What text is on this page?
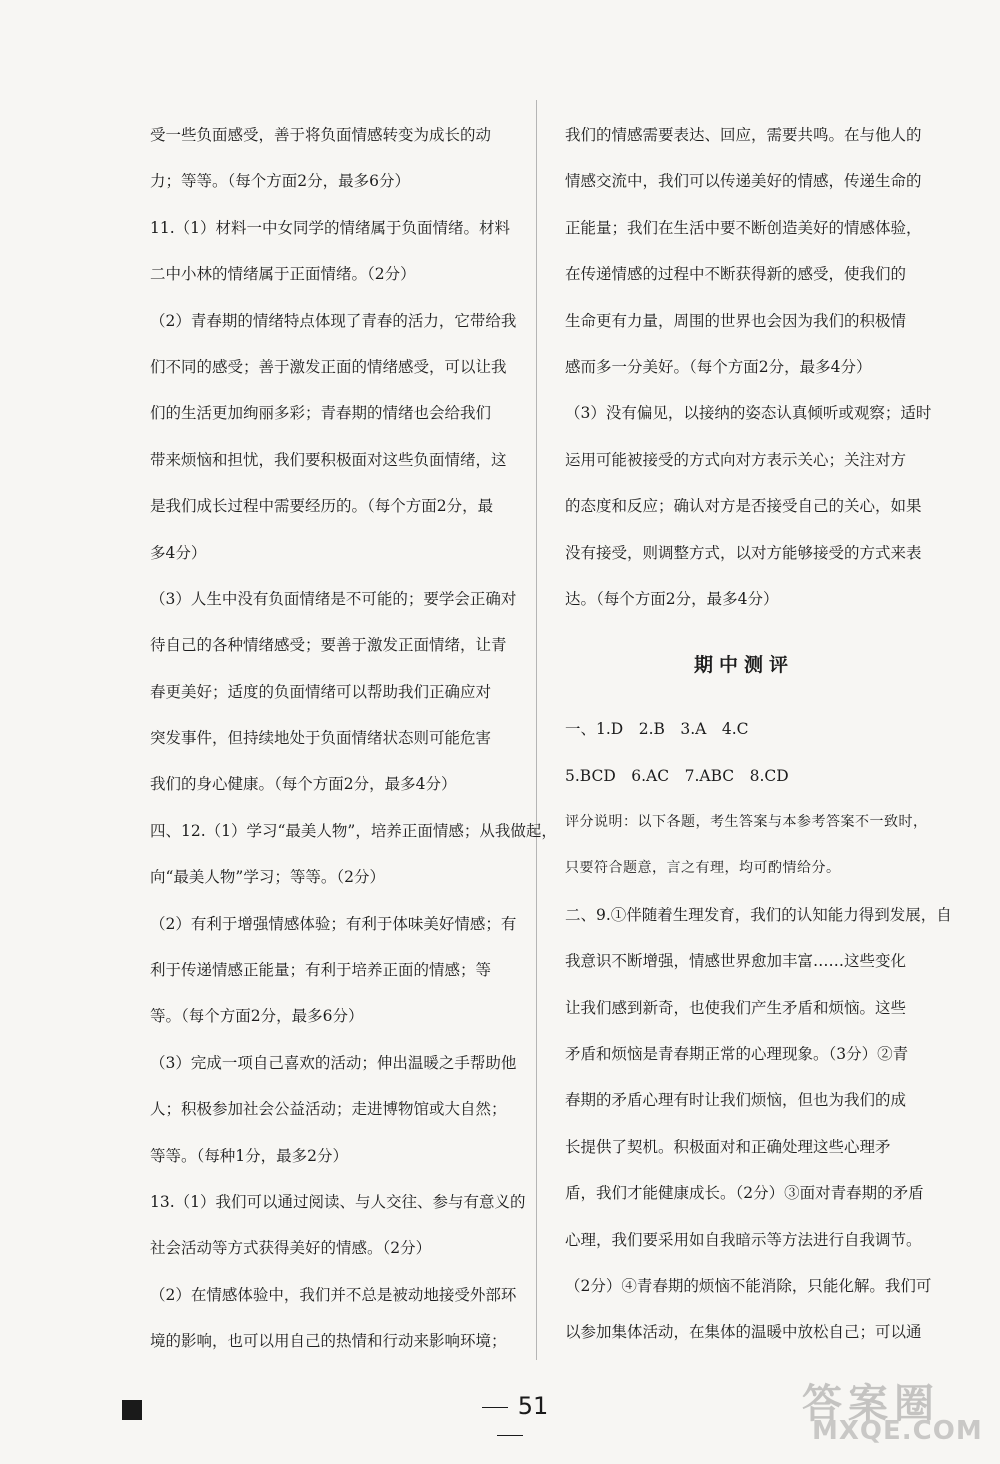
受一些负面感受，善于将负面情感转变为成长的动
力；等等。（每个方面2分，最多6分）
11.（1）材料一中女同学的情绪属于负面情绪。材料
二中小林的情绪属于正面情绪。（2分）
（2）青春期的情绪特点体现了青春的活力，它带给我
们不同的感受；善于激发正面的情绪感受，可以让我
们的生活更加绚丽多彩；青春期的情绪也会给我们
带来烦恼和担忧，我们要积极面对这些负面情绪，这
是我们成长过程中需要经历的。（每个方面2分，最
多4分）
（3）人生中没有负面情绪是不可能的；要学会正确对
待自己的各种情绪感受；要善于激发正面情绪，让青
春更美好；适度的负面情绪可以帮助我们正确应对
突发事件，但持续地处于负面情绪状态则可能危害
我们的身心健康。（每个方面2分，最多4分）
四、12.（1）学习“最美人物”，培养正面情感；从我做起，
向“最美人物”学习；等等。（2分）
（2）有利于增强情感体验；有利于体味美好情感；有
利于传递情感正能量；有利于培养正面的情感；等
等。（每个方面2分，最多6分）
（3）完成一项自己喜欢的活动；伸出温暖之手帮助他
人；积极参加社会公益活动；走进博物馆或大自然；
等等。（每种1分，最多2分）
13.（1）我们可以通过阅读、与人交往、参与有意义的
社会活动等方式获得美好的情感。（2分）
（2）在情感体验中，我们并不总是被动地接受外部环
境的影响，也可以用自己的热情和行动来影响环境；
我们的情感需要表达、回应，需要共鸣。在与他人的
情感交流中，我们可以传递美好的情感，传递生命的
正能量；我们在生活中要不断创造美好的情感体验，
在传递情感的过程中不断获得新的感受，使我们的
生命更有力量，周围的世界也会因为我们的积极情
感而多一分美好。（每个方面2分，最多4分）
（3）没有偏见，以接纳的姿态认真倾听或观察；适时
运用可能被接受的方式向对方表示关心；关注对方
的态度和反应；确认对方是否接受自己的关心，如果
没有接受，则调整方式，以对方能够接受的方式来表
达。（每个方面2分，最多4分）
期中测评
一、1.D　2.B　3.A　4.C
5.BCD　6.AC　7.ABC　8.CD
评分说明：以下各题，考生答案与本参考答案不一致时，
只要符合题意，言之有理，均可酌情给分。
二、9.①伴随着生理发育，我们的认知能力得到发展，自
我意识不断增强，情感世界愈加丰富……这些变化
让我们感到新奇，也使我们产生矛盾和烦恼。这些
矛盾和烦恼是青春期正常的心理现象。（3分）②青
春期的矛盾心理有时让我们烦恼，但也为我们的成
长提供了契机。积极面对和正确处理这些心理矛
盾，我们才能健康成长。（2分）③面对青春期的矛盾
心理，我们要采用如自我暗示等方法进行自我调节。
（2分）④青春期的烦恼不能消除，只能化解。我们可
以参加集体活动，在集体的温暖中放松自己；可以通
51	答案圈
MXQE.COM
